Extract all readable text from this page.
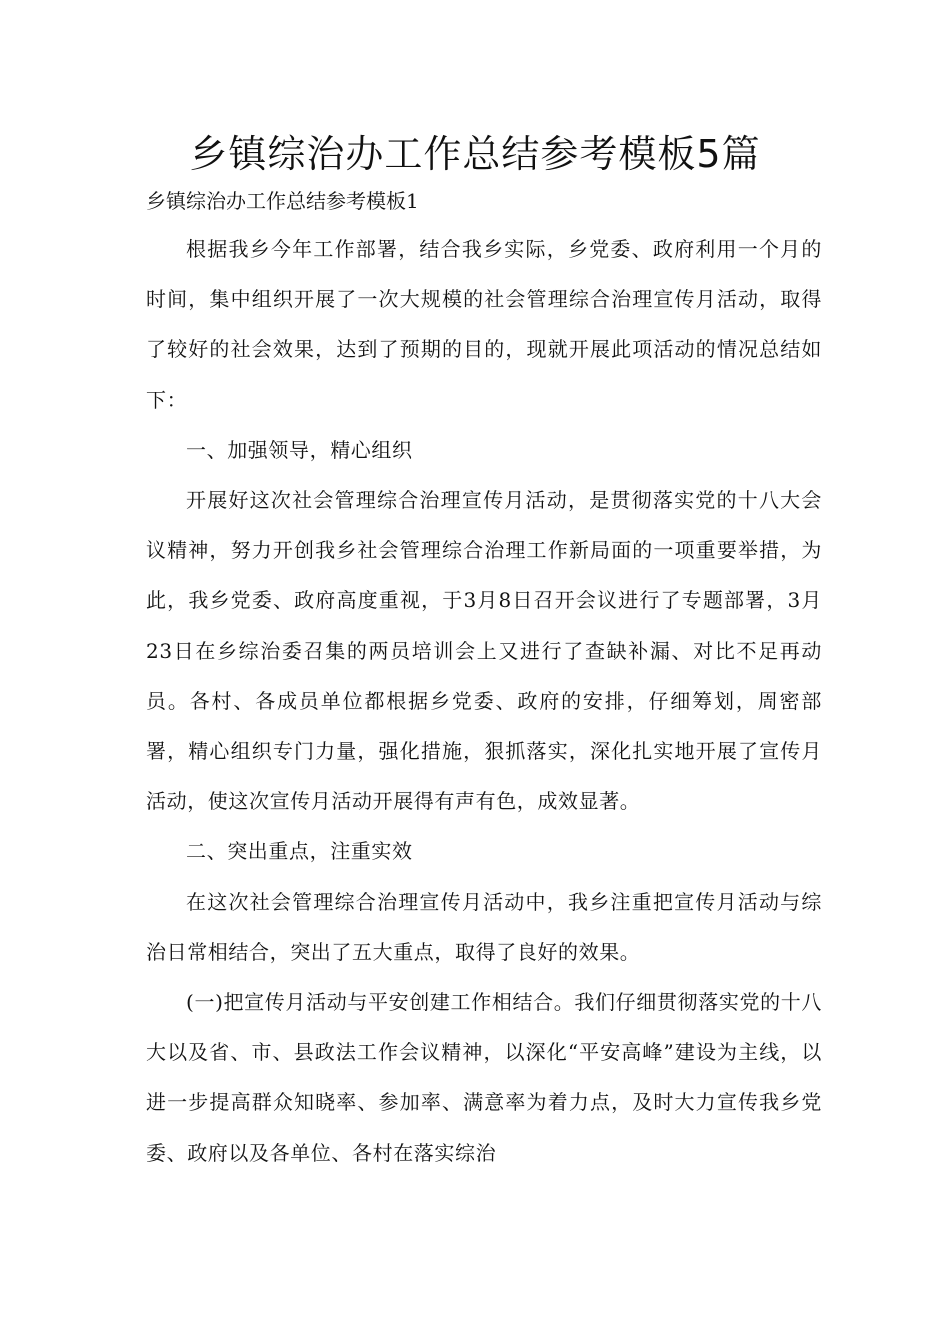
乡镇综治办工作总结参考模板5篇

乡镇综治办工作总结参考模板1

根据我乡今年工作部署，结合我乡实际，乡党委、政府利用一个月的时间，集中组织开展了一次大规模的社会管理综合治理宣传月活动，取得了较好的社会效果，达到了预期的目的，现就开展此项活动的情况总结如下：

一、加强领导，精心组织

开展好这次社会管理综合治理宣传月活动，是贯彻落实党的十八大会议精神，努力开创我乡社会管理综合治理工作新局面的一项重要举措，为此，我乡党委、政府高度重视，于3月8日召开会议进行了专题部署，3月23日在乡综治委召集的两员培训会上又进行了查缺补漏、对比不足再动员。各村、各成员单位都根据乡党委、政府的安排，仔细筹划，周密部署，精心组织专门力量，强化措施，狠抓落实，深化扎实地开展了宣传月活动，使这次宣传月活动开展得有声有色，成效显著。

二、突出重点，注重实效

在这次社会管理综合治理宣传月活动中，我乡注重把宣传月活动与综治日常相结合，突出了五大重点，取得了良好的效果。

(一)把宣传月活动与平安创建工作相结合。我们仔细贯彻落实党的十八大以及省、市、县政法工作会议精神，以深化“平安高峰”建设为主线，以进一步提高群众知晓率、参加率、满意率为着力点，及时大力宣传我乡党委、政府以及各单位、各村在落实综治
